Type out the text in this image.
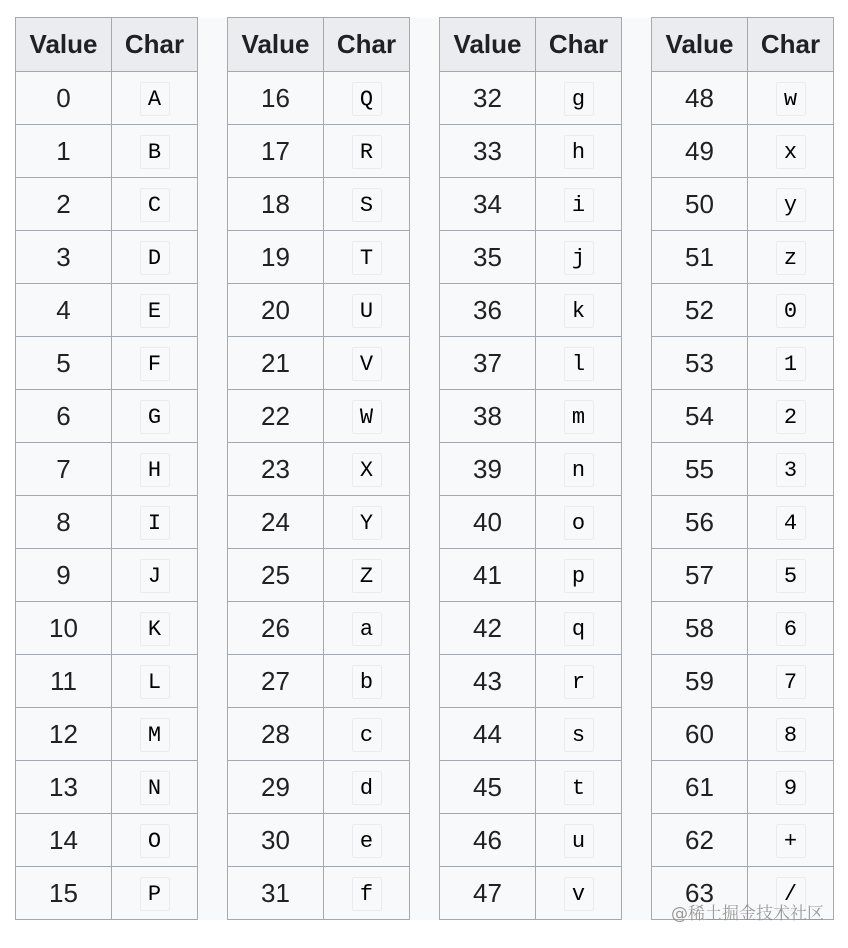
Value	Char		Value	Char		Value	Char		Value	Char
0	A		16	Q		32	g		48	w
1	B		17	R		33	h		49	x
2	C		18	S		34	i		50	y
3	D		19	T		35	j		51	z
4	E		20	U		36	k		52	0
5	F		21	V		37	l		53	1
6	G		22	W		38	m		54	2
7	H		23	X		39	n		55	3
8	I		24	Y		40	o		56	4
9	J		25	Z		41	p		57	5
10	K		26	a		42	q		58	6
11	L		27	b		43	r		59	7
12	M		28	c		44	s		60	8
13	N		29	d		45	t		61	9
14	O		30	e		46	u		62	+
15	P		31	f		47	v		63	/
@稀土掘金技术社区
